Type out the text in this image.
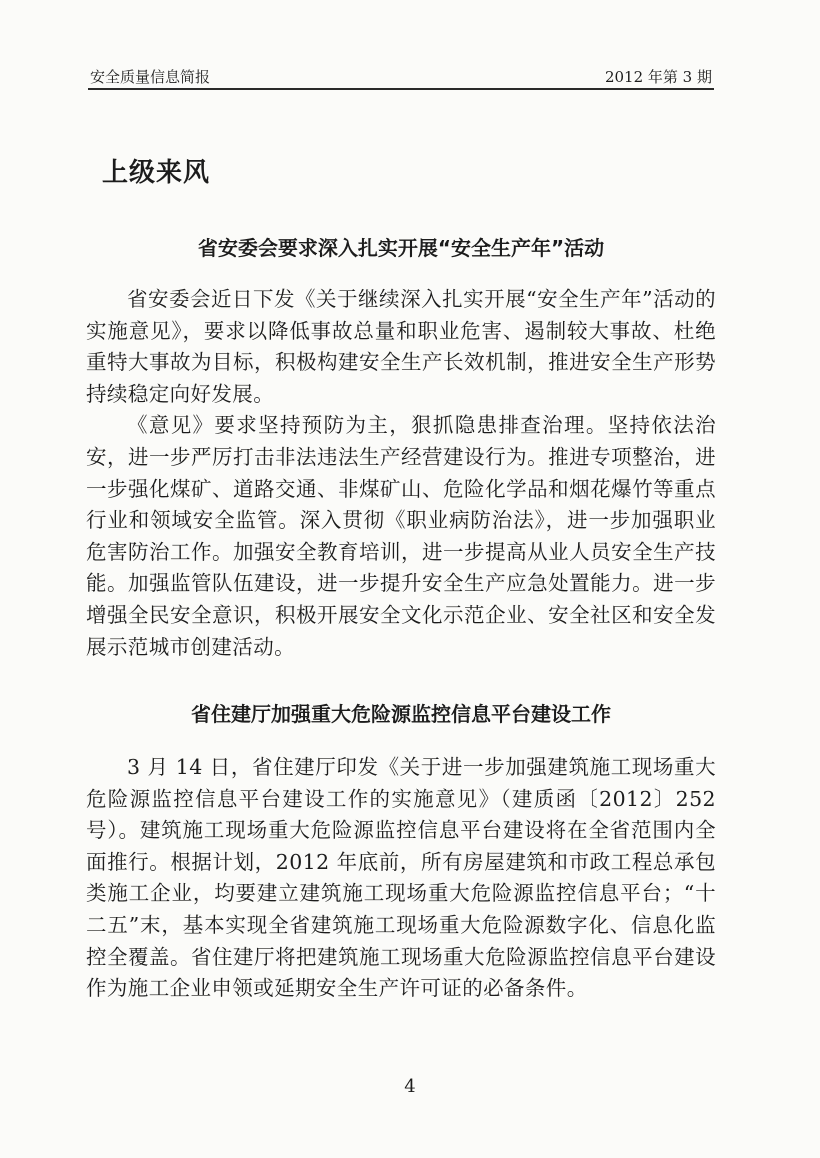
安全质量信息简报	2012 年第 3 期
上级来风
省安委会要求深入扎实开展“安全生产年”活动

省安委会近日下发《关于继续深入扎实开展“安全生产年”活动的实施意见》，要求以降低事故总量和职业危害、遏制较大事故、杜绝重特大事故为目标，积极构建安全生产长效机制，推进安全生产形势持续稳定向好发展。

《意见》要求坚持预防为主，狠抓隐患排查治理。坚持依法治安，进一步严厉打击非法违法生产经营建设行为。推进专项整治，进一步强化煤矿、道路交通、非煤矿山、危险化学品和烟花爆竹等重点行业和领域安全监管。深入贯彻《职业病防治法》，进一步加强职业危害防治工作。加强安全教育培训，进一步提高从业人员安全生产技能。加强监管队伍建设，进一步提升安全生产应急处置能力。进一步增强全民安全意识，积极开展安全文化示范企业、安全社区和安全发展示范城市创建活动。

省住建厅加强重大危险源监控信息平台建设工作

3 月 14 日，省住建厅印发《关于进一步加强建筑施工现场重大危险源监控信息平台建设工作的实施意见》（建质函〔2012〕252 号）。建筑施工现场重大危险源监控信息平台建设将在全省范围内全面推行。根据计划，2012 年底前，所有房屋建筑和市政工程总承包类施工企业，均要建立建筑施工现场重大危险源监控信息平台；“十二五”末，基本实现全省建筑施工现场重大危险源数字化、信息化监控全覆盖。省住建厅将把建筑施工现场重大危险源监控信息平台建设作为施工企业申领或延期安全生产许可证的必备条件。

4
